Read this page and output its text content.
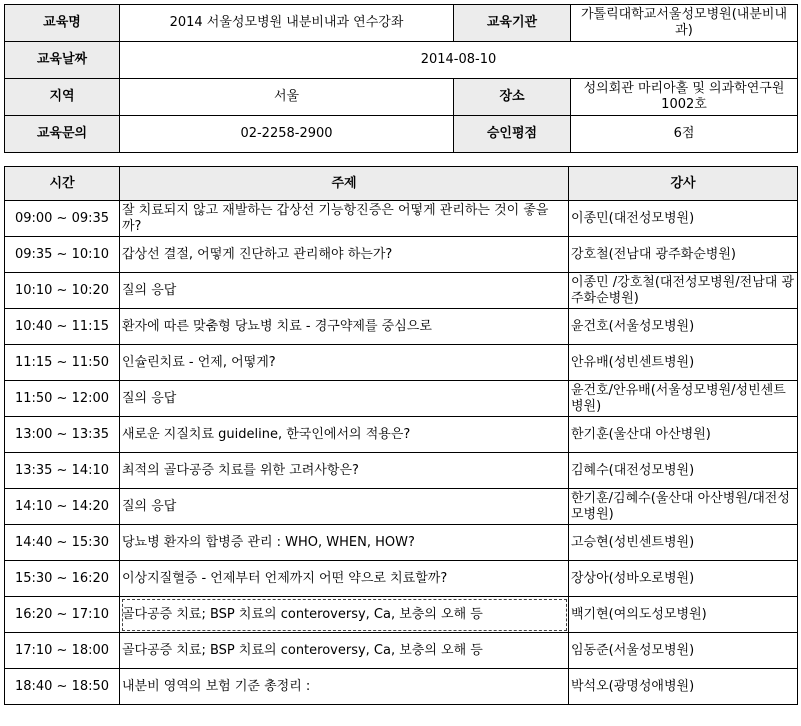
교육명	2014 서울성모병원 내분비내과 연수강좌	교육기관	가톨릭대학교서울성모병원(내분비내과)
교육날짜	2014-08-10		
지역	서울	장소	성의회관 마리아홀 및 의과학연구원 1002호
교육문의	02-2258-2900	승인평점	6점
시간	주제	강사
09:00 ~ 09:35	잘 치료되지 않고 재발하는 갑상선 기능항진증은 어떻게 관리하는 것이 좋을까?	이종민(대전성모병원)
09:35 ~ 10:10	갑상선 결절, 어떻게 진단하고 관리해야 하는가?	강호철(전남대 광주화순병원)
10:10 ~ 10:20	질의 응답	이종민 /강호철(대전성모병원/전남대 광주화순병원)
10:40 ~ 11:15	환자에 따른 맞춤형 당뇨병 치료 - 경구약제를 중심으로	윤건호(서울성모병원)
11:15 ~ 11:50	인슐린치료 - 언제, 어떻게?	안유배(성빈센트병원)
11:50 ~ 12:00	질의 응답	윤건호/안유배(서울성모병원/성빈센트병원)
13:00 ~ 13:35	새로운 지질치료 guideline, 한국인에서의 적용은?	한기훈(울산대 아산병원)
13:35 ~ 14:10	최적의 골다공증 치료를 위한 고려사항은?	김혜수(대전성모병원)
14:10 ~ 14:20	질의 응답	한기훈/김혜수(울산대 아산병원/대전성모병원)
14:40 ~ 15:30	당뇨병 환자의 합병증 관리 : WHO, WHEN, HOW?	고승현(성빈센트병원)
15:30 ~ 16:20	이상지질혈증 - 언제부터 언제까지 어떤 약으로 치료할까?	장상아(성바오로병원)
16:20 ~ 17:10	골다공증 치료; BSP 치료의 conteroversy, Ca, 보충의 오해 등	백기현(여의도성모병원)
17:10 ~ 18:00	골다공증 치료; BSP 치료의 conteroversy, Ca, 보충의 오해 등	임동준(서울성모병원)
18:40 ~ 18:50	내분비 영역의 보험 기준 총정리 :	박석오(광명성애병원)
